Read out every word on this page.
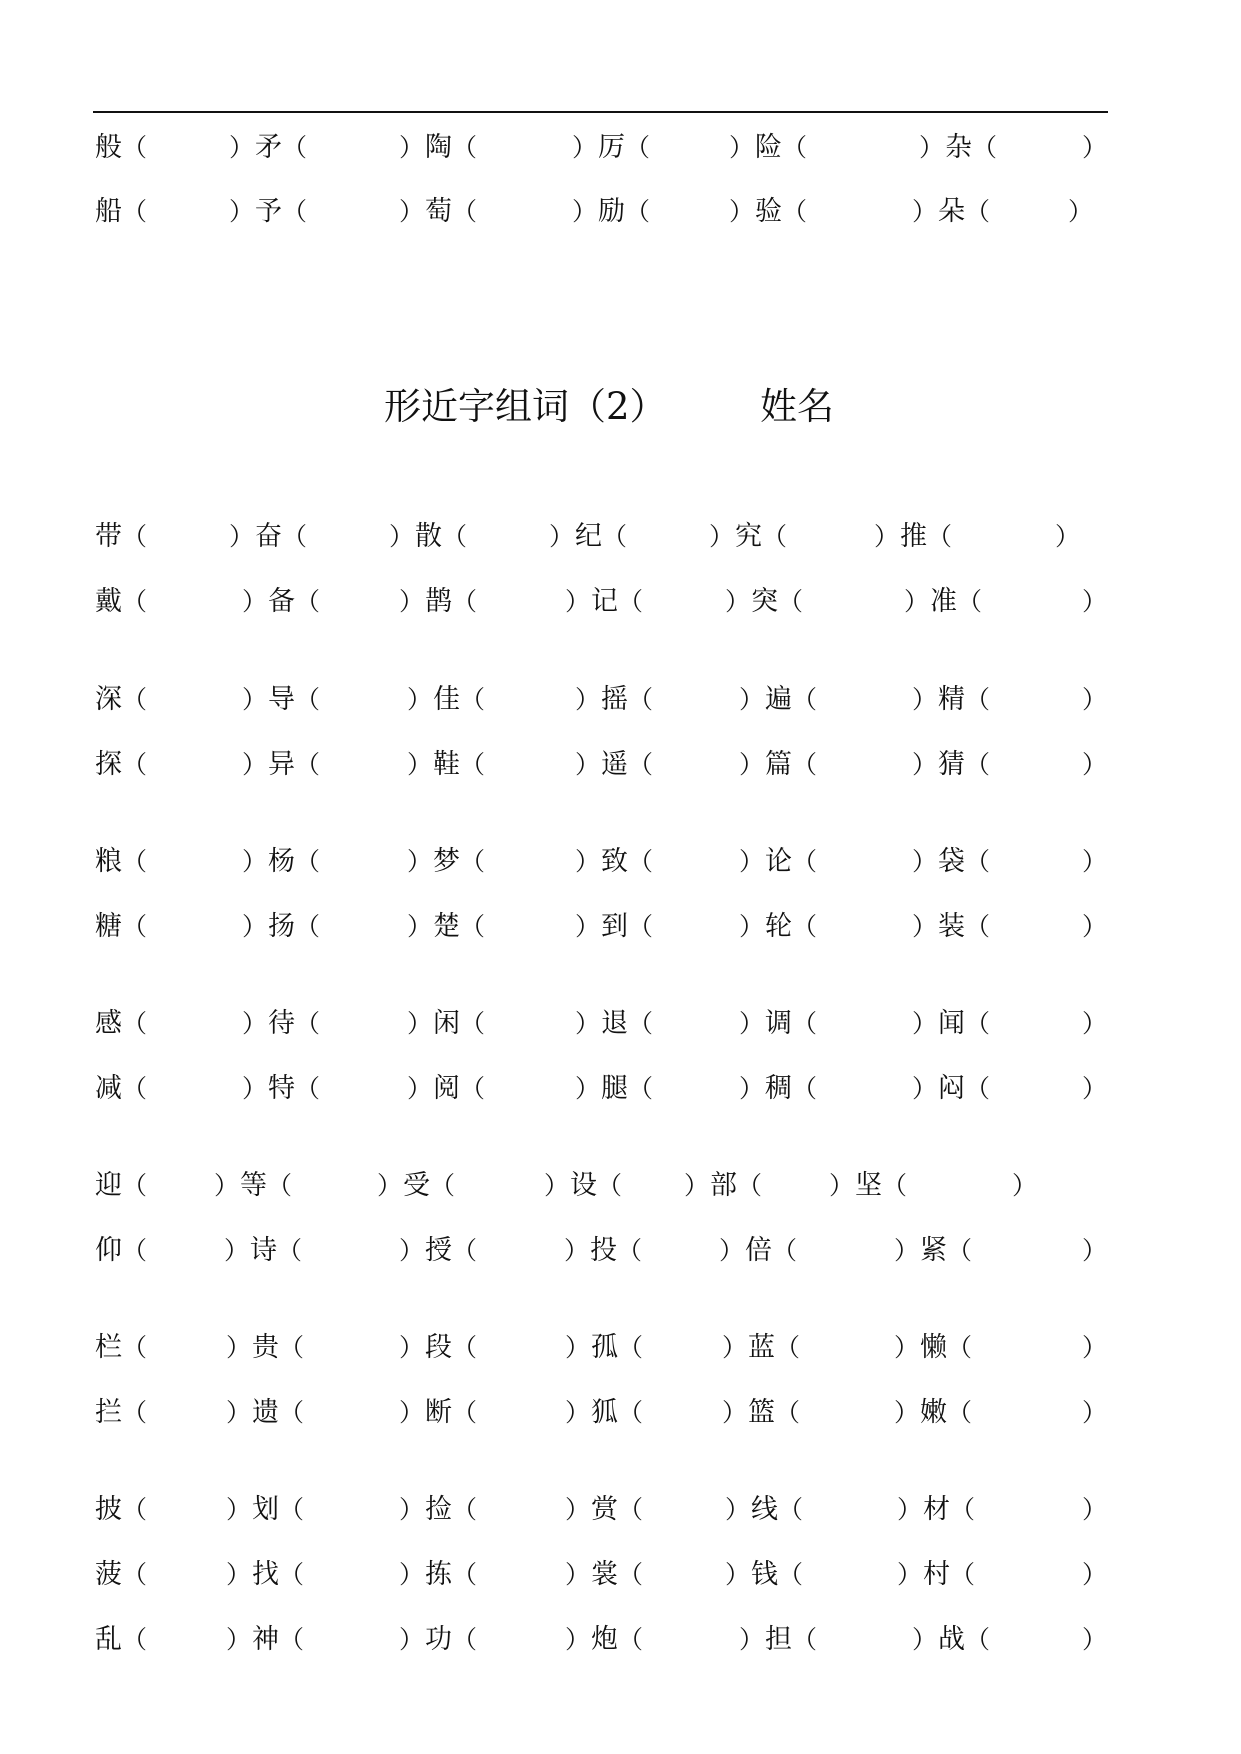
般（	） 矛（	） 陶（	） 厉（	） 险（	） 杂（	）
船（	） 予（	） 萄（	） 励（	） 验（	） 朵（	）
带（	） 奋（	） 散（	） 纪（	） 究（	） 推（	）
戴（	） 备（	） 鹊（	） 记（	） 突（	） 准（	）
深（	） 导（	） 佳（	） 摇（	） 遍（	） 精（	）
探（	） 异（	） 鞋（	） 遥（	） 篇（	） 猜（	）
粮（	） 杨（	） 梦（	） 致（	） 论（	） 袋（	）
糖（	） 扬（	） 楚（	） 到（	） 轮（	） 装（	）
感（	） 待（	） 闲（	） 退（	） 调（	） 闻（	）
减（	） 特（	） 阅（	） 腿（	） 稠（	） 闷（	）
迎（	） 等（	） 受（	） 设（ ） 部（	） 坚（	）
仰（	） 诗（	） 授（	） 投（	） 倍（	） 紧（	）
栏（	） 贵（	） 段（	） 孤（	） 蓝（	） 懒（	）
拦（	） 遗（	） 断（	） 狐（	） 篮（	） 嫩（	）
披（	） 划（	） 捡（	） 赏（	） 线（	） 材（	）
菠（	） 找（	） 拣（	） 裳（	） 钱（	） 村（	）
乱（	） 神（	） 功（	） 炮（	） 担（	） 战（	）
形近字组词（2）	姓名
